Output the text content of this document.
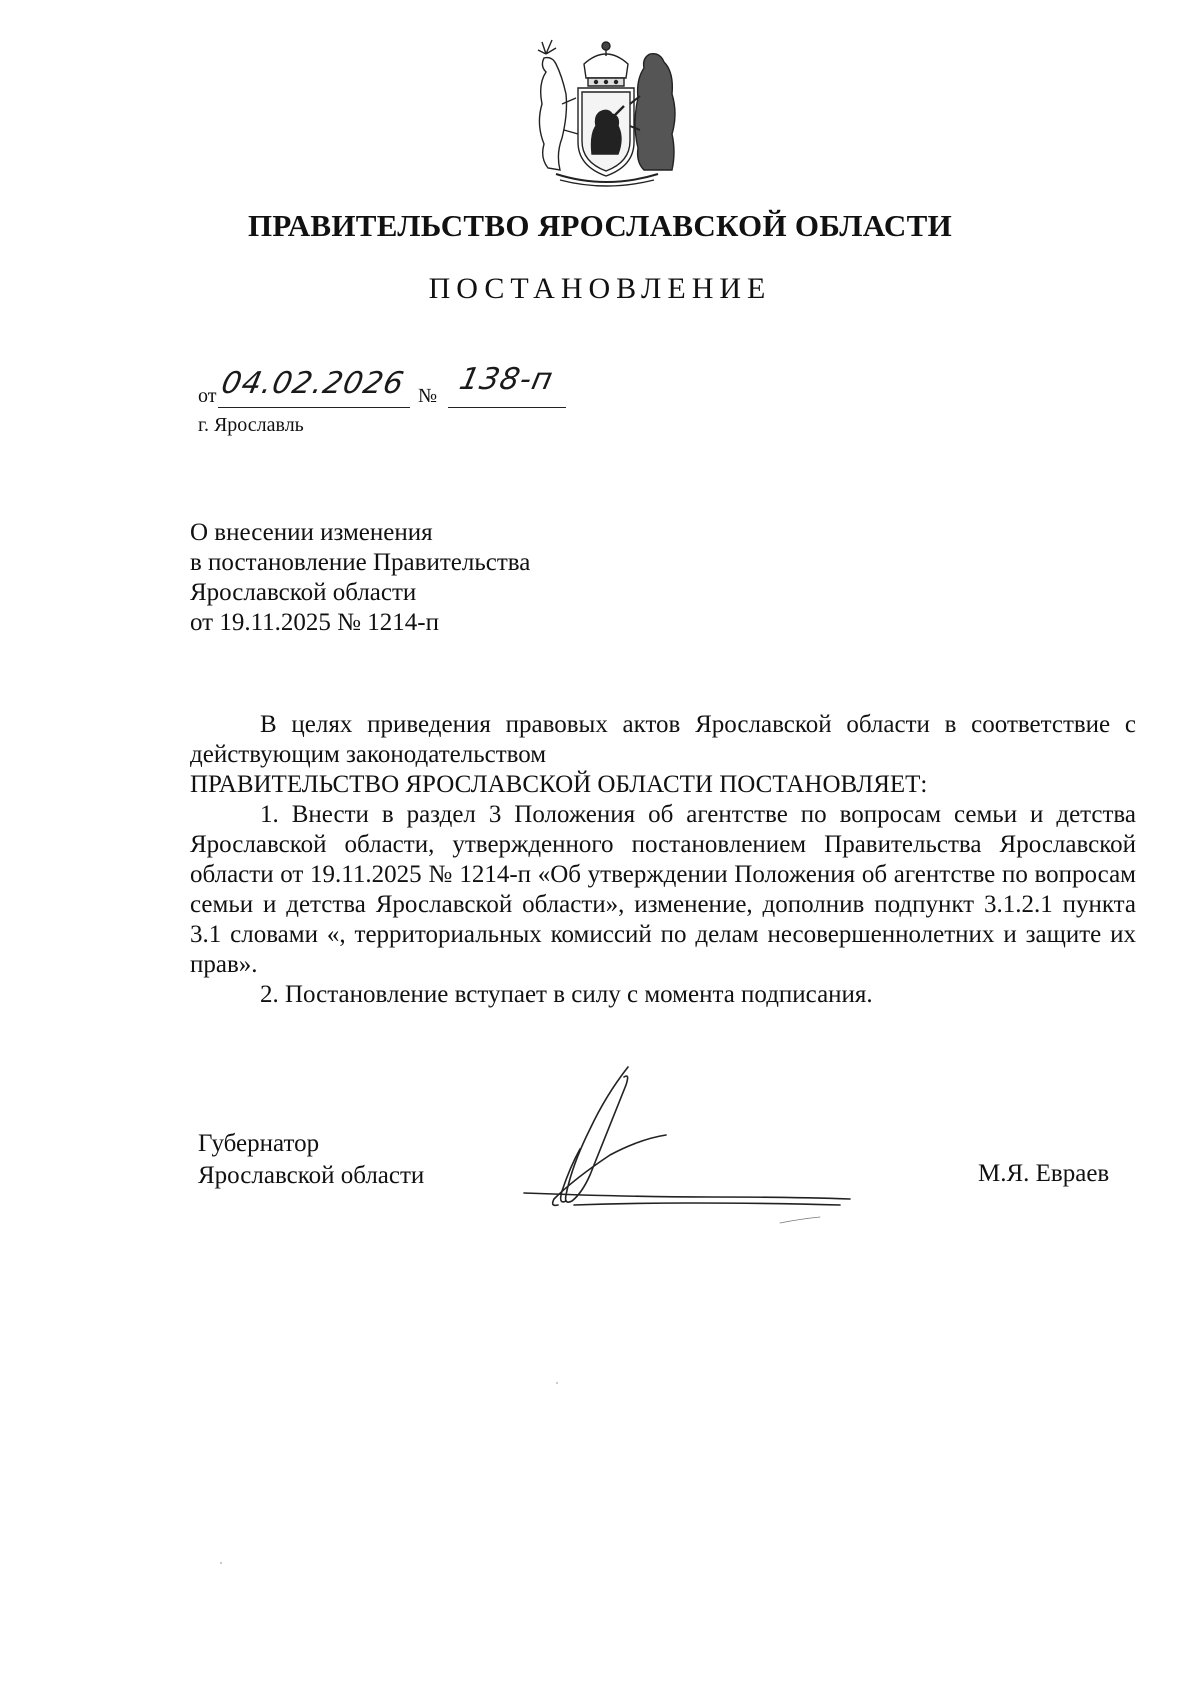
ПРАВИТЕЛЬСТВО ЯРОСЛАВСКОЙ ОБЛАСТИ
ПОСТАНОВЛЕНИЕ
от 04.02.2026 № 138-п
г. Ярославль
О внесении изменения
в постановление Правительства
Ярославской области
от 19.11.2025 № 1214-п

В целях приведения правовых актов Ярославской области в соответствие с действующим законодательством

ПРАВИТЕЛЬСТВО ЯРОСЛАВСКОЙ ОБЛАСТИ ПОСТАНОВЛЯЕТ:

1. Внести в раздел 3 Положения об агентстве по вопросам семьи и детства Ярославской области, утвержденного постановлением Правительства Ярославской области от 19.11.2025 № 1214-п «Об утверждении Положения об агентстве по вопросам семьи и детства Ярославской области», изменение, дополнив подпункт 3.1.2.1 пункта 3.1 словами «, территориальных комиссий по делам несовершеннолетних и защите их прав».

2. Постановление вступает в силу с момента подписания.

Губернатор
Ярославской области	М.Я. Евраев
